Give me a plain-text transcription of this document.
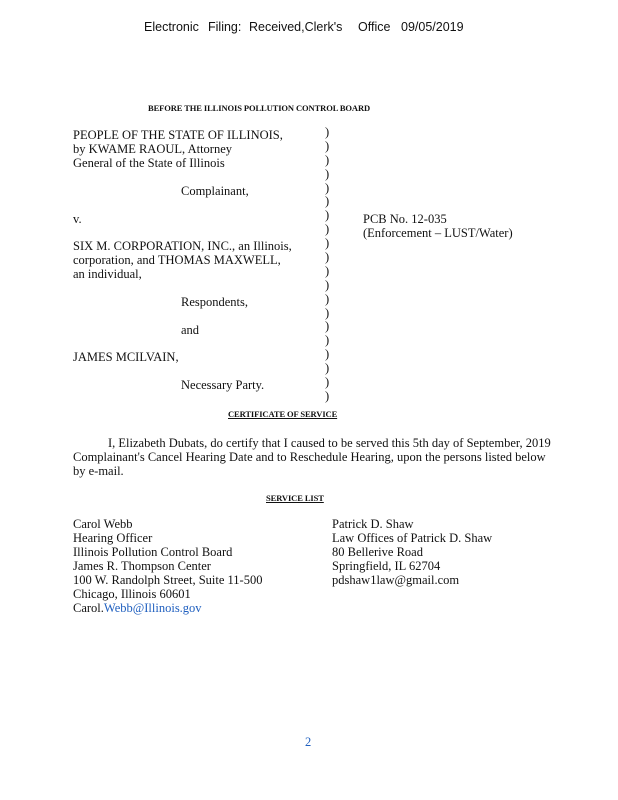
Electronic Filing: Received,Clerk's Office 09/05/2019
BEFORE THE ILLINOIS POLLUTION CONTROL BOARD
PEOPLE OF THE STATE OF ILLINOIS,
by KWAME RAOUL, Attorney
General of the State of Illinois
Complainant,
v.
SIX M. CORPORATION, INC., an Illinois,
corporation, and THOMAS MAXWELL,
an individual,
Respondents,
and
JAMES MCILVAIN,
Necessary Party.
)
)
)
)
)
)
)
)
)
)
)
)
)
)
)
)
)
)
)
)
PCB No. 12-035
(Enforcement – LUST/Water)
CERTIFICATE OF SERVICE
I, Elizabeth Dubats, do certify that I caused to be served this 5th day of September, 2019
Complainant's Cancel Hearing Date and to Reschedule Hearing, upon the persons listed below
by e-mail.
SERVICE LIST
Carol Webb
Hearing Officer
Illinois Pollution Control Board
James R. Thompson Center
100 W. Randolph Street, Suite 11-500
Chicago, Illinois 60601
Carol.Webb@Illinois.gov
Patrick D. Shaw
Law Offices of Patrick D. Shaw
80 Bellerive Road
Springfield, IL 62704
pdshaw1law@gmail.com
2
